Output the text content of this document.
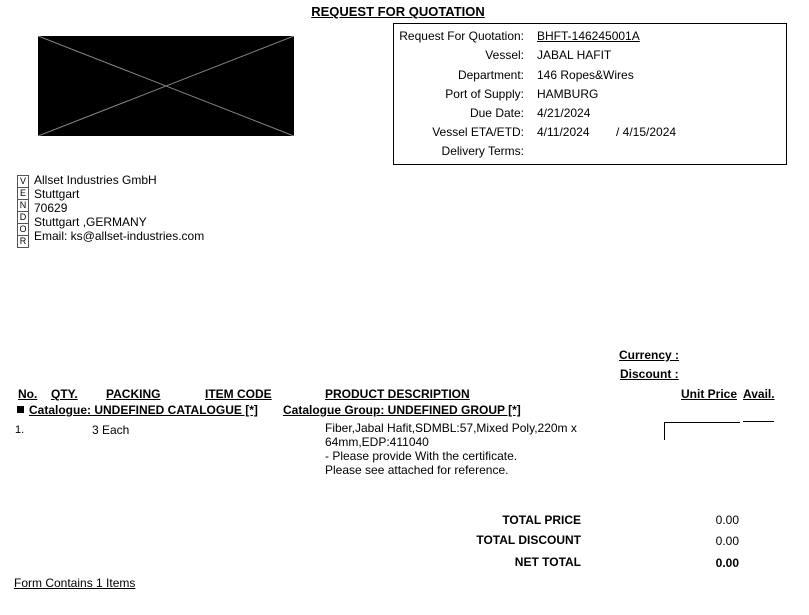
REQUEST FOR QUOTATION
Request For Quotation: BHFT-146245001A
Vessel: JABAL HAFIT
Department: 146 Ropes&Wires
Port of Supply: HAMBURG
Due Date: 4/21/2024
Vessel ETA/ETD: 4/11/2024 / 4/15/2024
Delivery Terms:
V
E
N
D
O
R
Allset Industries GmbH
Stuttgart
70629
Stuttgart ,GERMANY
Email: ks@allset-industries.com
Currency :
Discount :
No. QTY. PACKING	ITEM CODE	PRODUCT DESCRIPTION	Unit Price Avail.
Catalogue: UNDEFINED CATALOGUE [*] Catalogue Group: UNDEFINED GROUP [*]
1.	3 Each	Fiber,Jabal Hafit,SDMBL:57,Mixed Poly,220m x
64mm,EDP:411040
- Please provide With the certificate.
Please see attached for reference.
TOTAL PRICE	0.00
TOTAL DISCOUNT	0.00
NET TOTAL	0.00
Form Contains 1 Items
